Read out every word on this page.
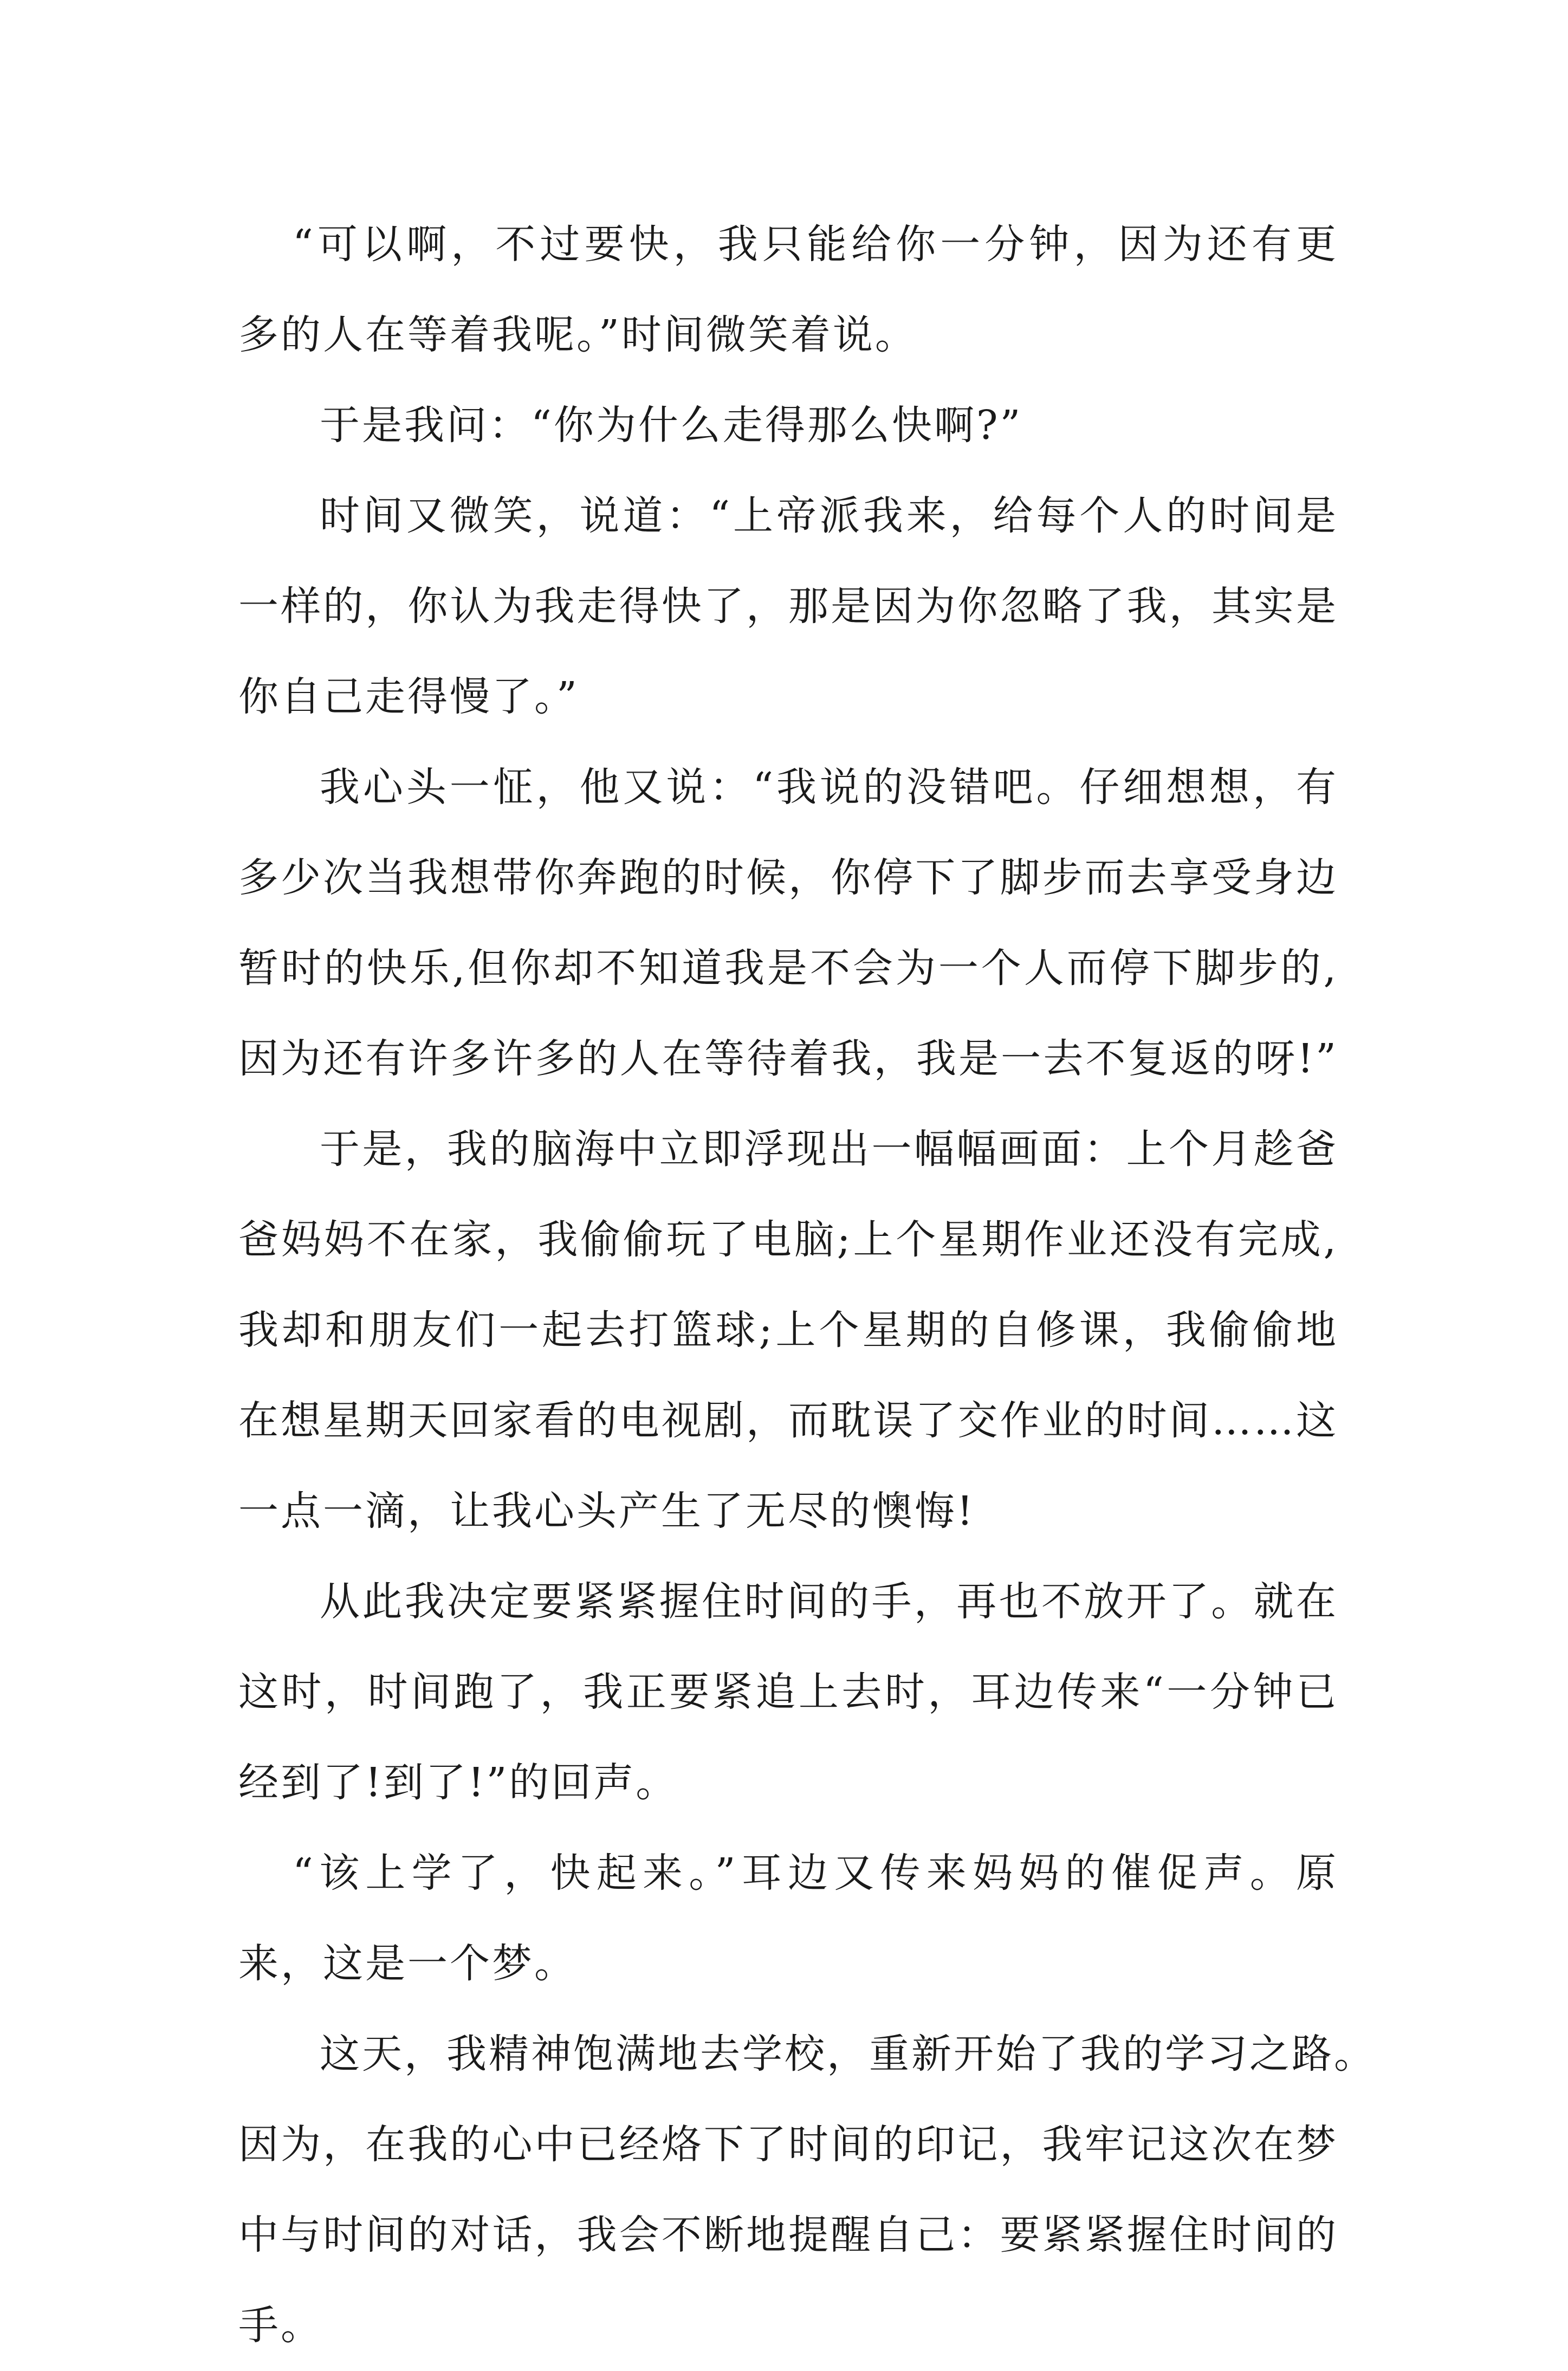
“可以啊，不过要快，我只能给你一分钟，因为还有更
多的人在等着我呢。”时间微笑着说。
于是我问：“你为什么走得那么快啊?”
时间又微笑，说道：“上帝派我来，给每个人的时间是
一样的，你认为我走得快了，那是因为你忽略了我，其实是
你自己走得慢了。”
我心头一怔，他又说：“我说的没错吧。仔细想想，有
多少次当我想带你奔跑的时候，你停下了脚步而去享受身边
暂时的快乐,但你却不知道我是不会为一个人而停下脚步的,
因为还有许多许多的人在等待着我，我是一去不复返的呀!”
于是，我的脑海中立即浮现出一幅幅画面：上个月趁爸
爸妈妈不在家，我偷偷玩了电脑;上个星期作业还没有完成,
我却和朋友们一起去打篮球;上个星期的自修课，我偷偷地
在想星期天回家看的电视剧，而耽误了交作业的时间……这
一点一滴，让我心头产生了无尽的懊悔!
从此我决定要紧紧握住时间的手，再也不放开了。就在
这时，时间跑了，我正要紧追上去时，耳边传来“一分钟已
经到了!到了!”的回声。
“该上学了，快起来。”耳边又传来妈妈的催促声。原
来，这是一个梦。
这天，我精神饱满地去学校，重新开始了我的学习之路。
因为，在我的心中已经烙下了时间的印记，我牢记这次在梦
中与时间的对话，我会不断地提醒自己：要紧紧握住时间的
手。
